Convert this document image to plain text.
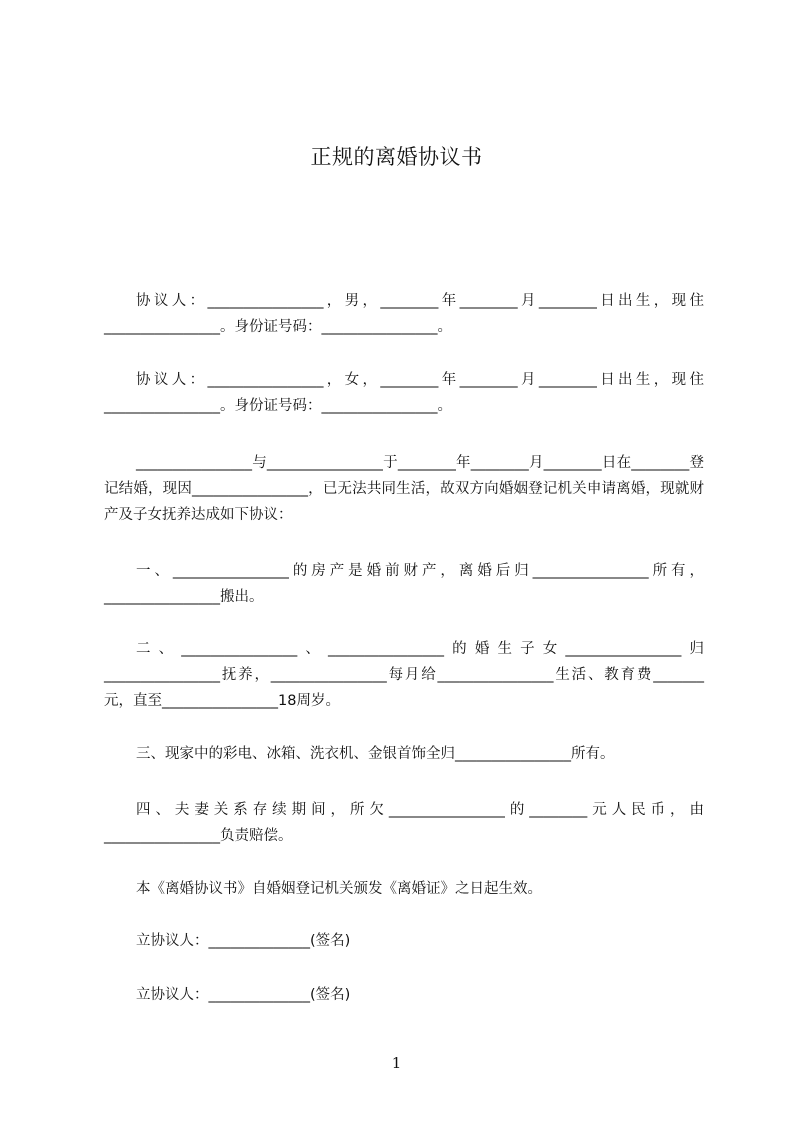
正规的离婚协议书
协议人：________________，男，________年________月________日出生，现住________________。身份证号码：________________。
协议人：________________，女，________年________月________日出生，现住________________。身份证号码：________________。
________________与________________于________年________月________日在________登记结婚，现因________________，已无法共同生活，故双方向婚姻登记机关申请离婚，现就财产及子女抚养达成如下协议：
一、________________的房产是婚前财产，离婚后归________________所有，________________搬出。
二、________________、________________的婚生子女________________归________________抚养，________________每月给________________生活、教育费_______元，直至________________18周岁。
三、现家中的彩电、冰箱、洗衣机、金银首饰全归________________所有。
四、夫妻关系存续期间，所欠________________的________元人民币，由________________负责赔偿。
本《离婚协议书》自婚姻登记机关颁发《离婚证》之日起生效。
立协议人：______________(签名)
立协议人：______________(签名)
1
